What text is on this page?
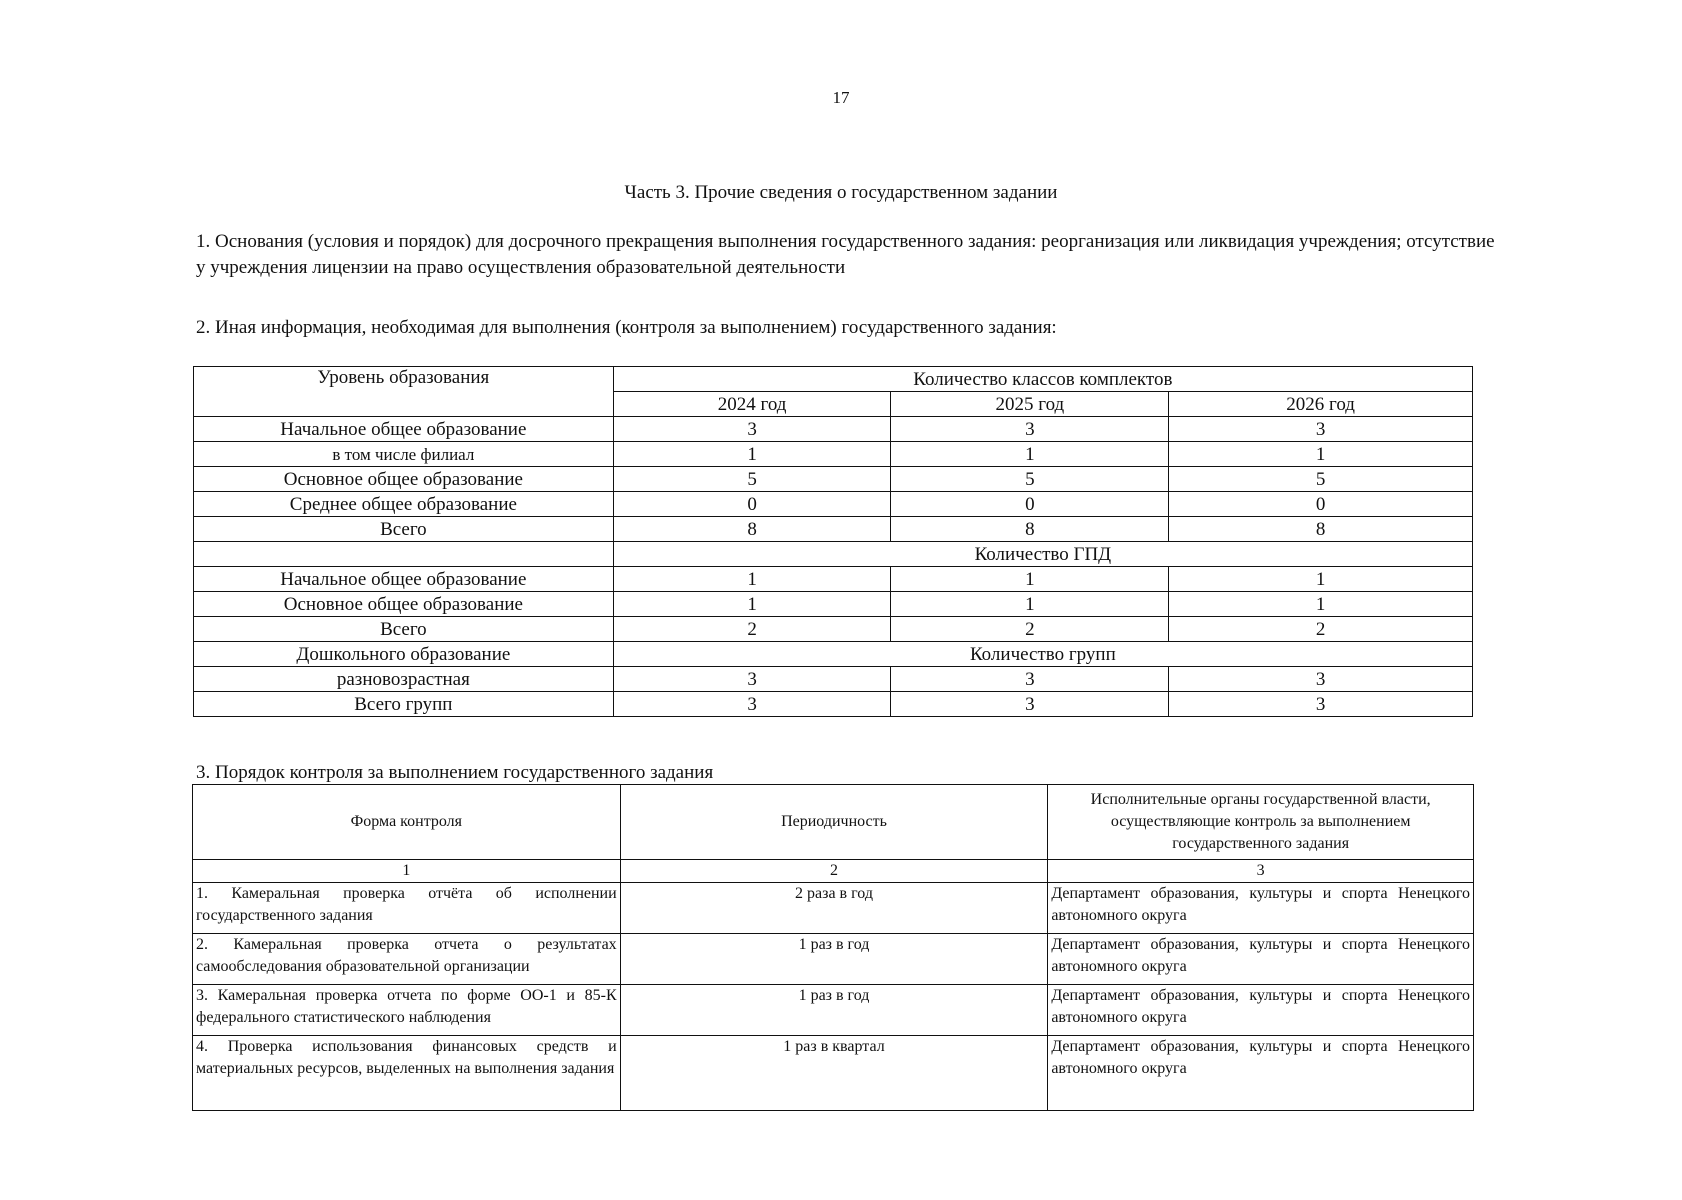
17
Часть 3. Прочие сведения о государственном задании
1. Основания (условия и порядок) для досрочного прекращения выполнения государственного задания: реорганизация или ликвидация учреждения; отсутствие у учреждения лицензии на право осуществления образовательной деятельности
2. Иная информация, необходимая для выполнения (контроля за выполнением) государственного задания:
Уровень образования	Количество классов комплектов		
	2024 год	2025 год	2026 год
Начальное общее образование	3	3	3
в том числе филиал	1	1	1
Основное общее образование	5	5	5
Среднее общее образование	0	0	0
Всего	8	8	8
	Количество ГПД		
Начальное общее образование	1	1	1
Основное общее образование	1	1	1
Всего	2	2	2
Дошкольного образование	Количество групп		
разновозрастная	3	3	3
Всего групп	3	3	3
3. Порядок контроля за выполнением государственного задания
Форма контроля	Периодичность	Исполнительные органы государственной власти, осуществляющие контроль за выполнением государственного задания
1	2	3
1. Камеральная проверка отчёта об исполнении государственного задания	2 раза в год	Департамент образования, культуры и спорта Ненецкого автономного округа
2. Камеральная проверка отчета о результатах самообследования образовательной организации	1 раз в год	Департамент образования, культуры и спорта Ненецкого автономного округа
3. Камеральная проверка отчета по форме ОО-1 и 85-К федерального статистического наблюдения	1 раз в год	Департамент образования, культуры и спорта Ненецкого автономного округа
4. Проверка использования финансовых средств и материальных ресурсов, выделенных на выполнения задания	1 раз в квартал	Департамент образования, культуры и спорта Ненецкого автономного округа
